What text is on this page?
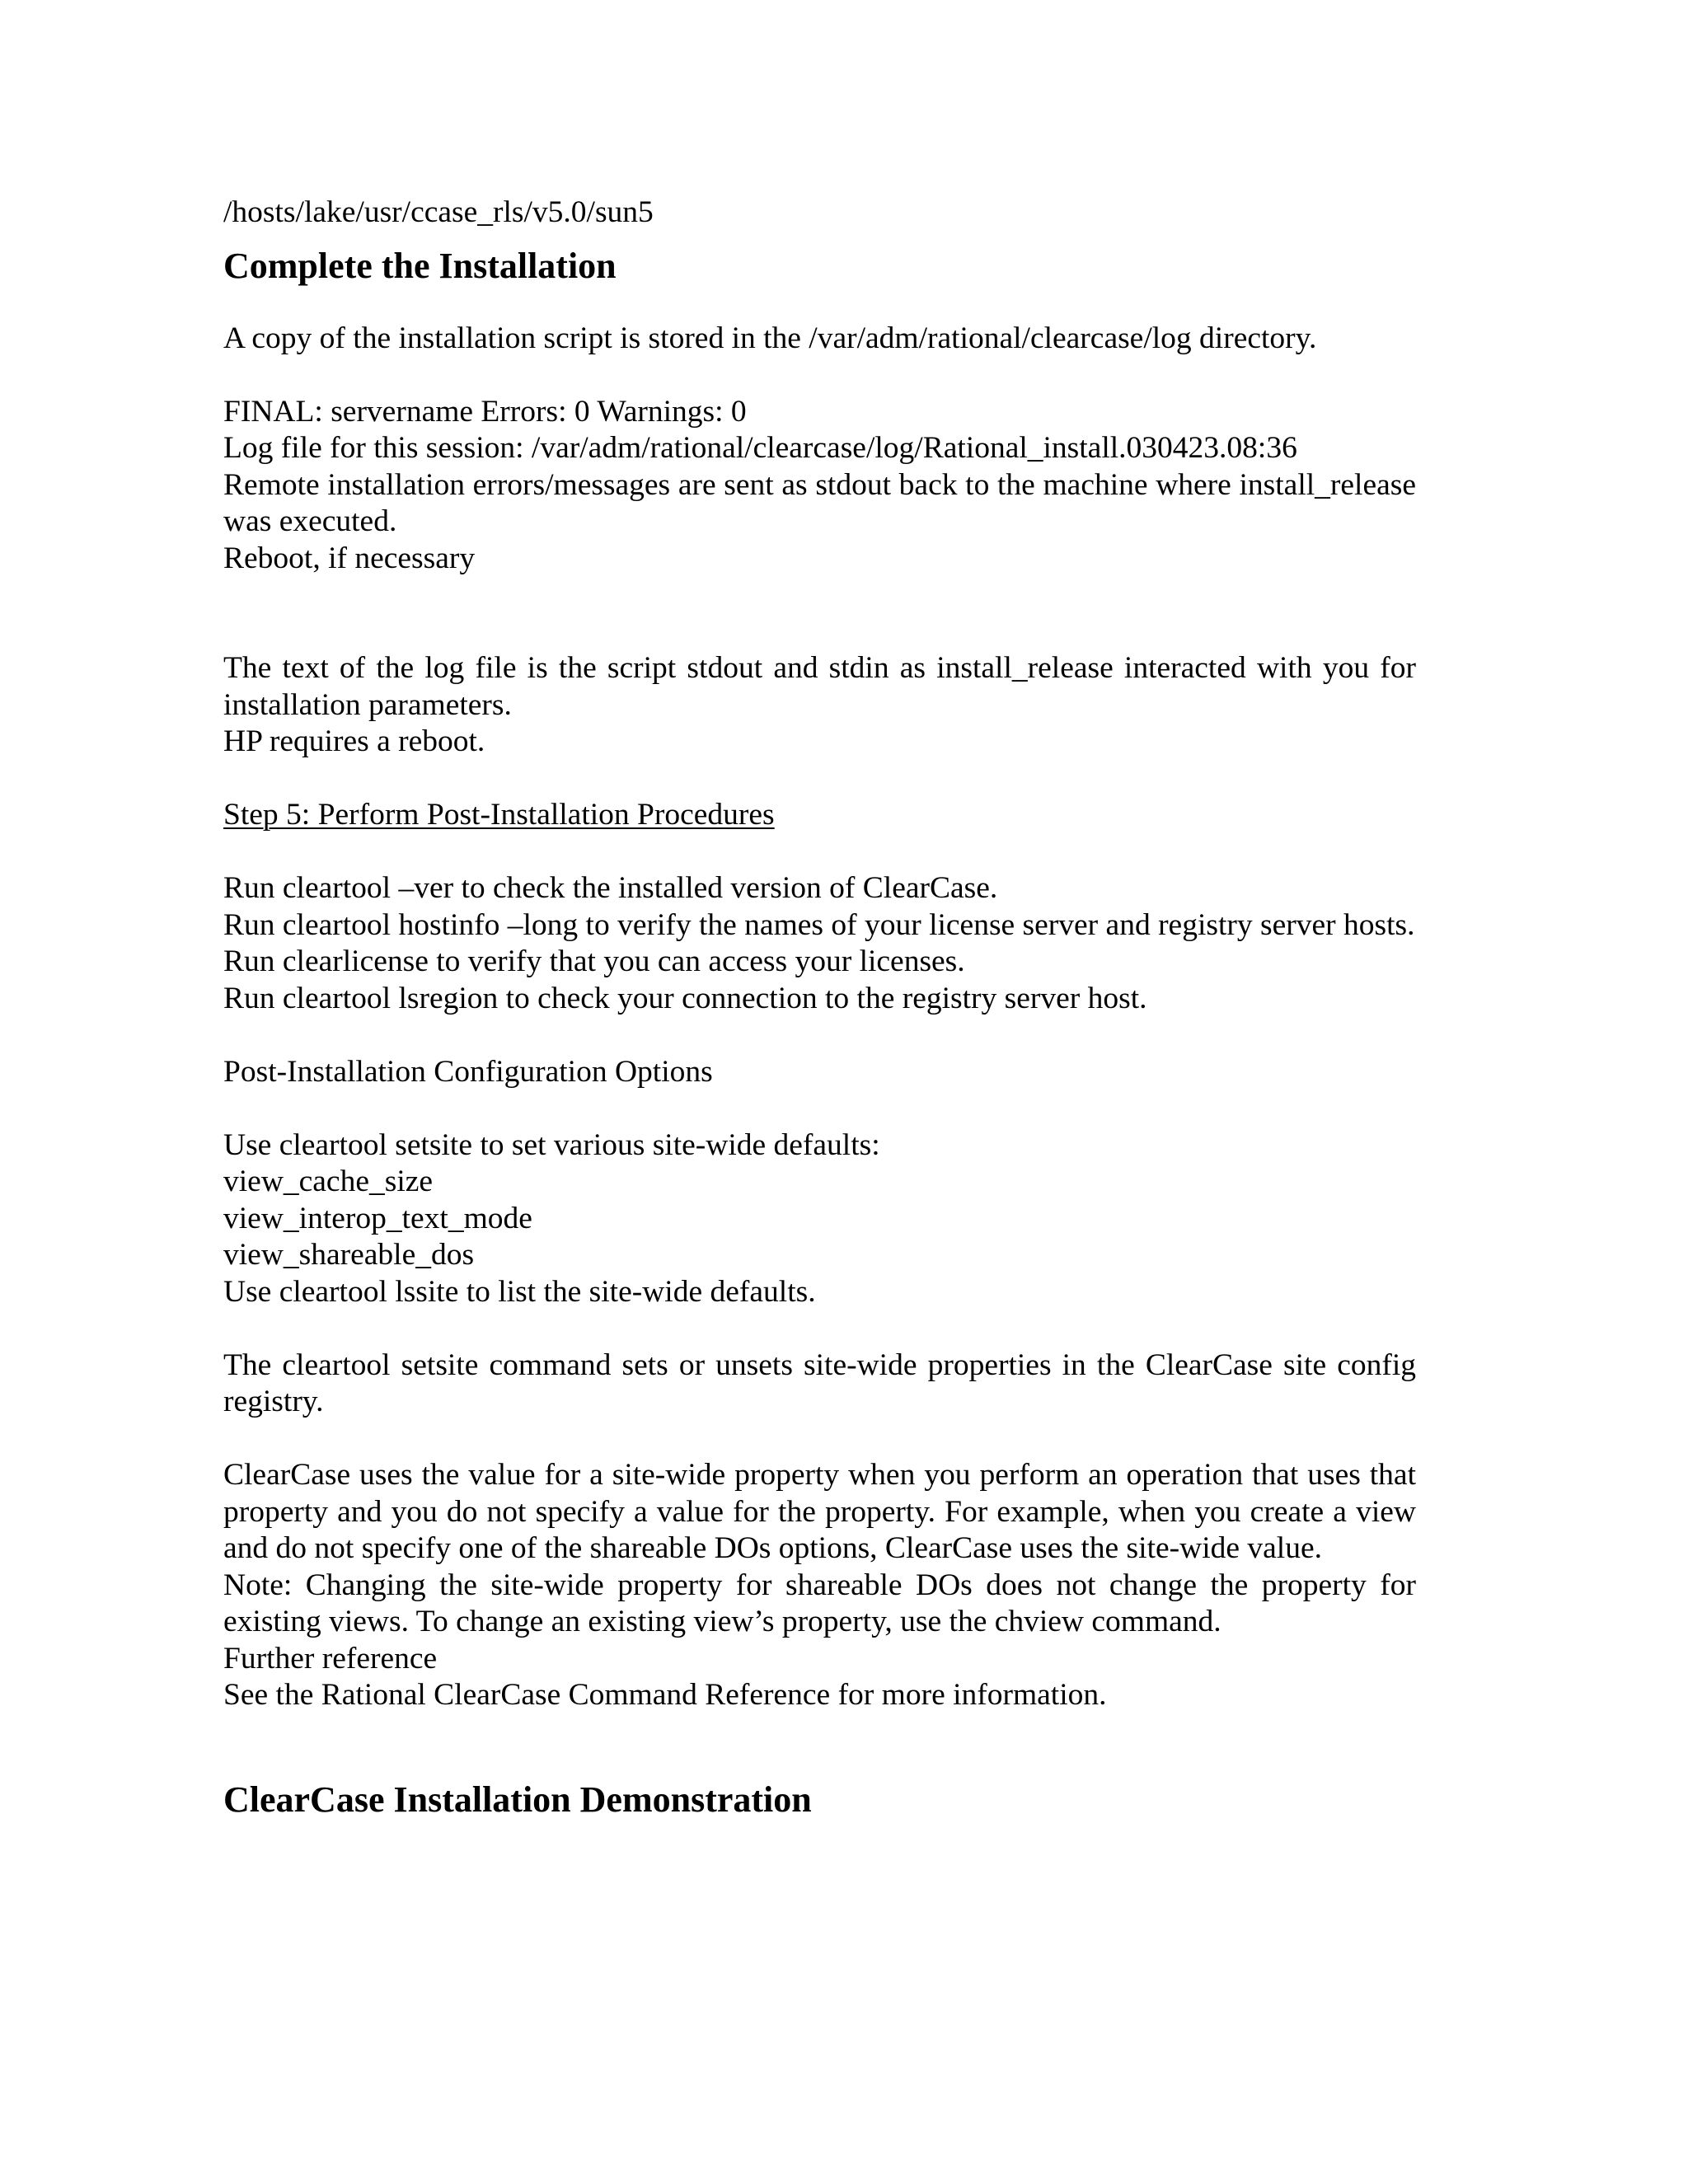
/hosts/lake/usr/ccase_rls/v5.0/sun5

Complete the Installation

A copy of the installation script is stored in the /var/adm/rational/clearcase/log directory.

FINAL: servername Errors: 0 Warnings: 0

Log file for this session: /var/adm/rational/clearcase/log/Rational_install.030423.08:36

Remote installation errors/messages are sent as stdout back to the machine where install_release was executed.

Reboot, if necessary

The text of the log file is the script stdout and stdin as install_release interacted with you for installation parameters.

HP requires a reboot.

Step 5: Perform Post-Installation Procedures

Run cleartool –ver to check the installed version of ClearCase.

Run cleartool hostinfo –long to verify the names of your license server and registry server hosts.

Run clearlicense to verify that you can access your licenses.

Run cleartool lsregion to check your connection to the registry server host.

Post-Installation Configuration Options

Use cleartool setsite to set various site-wide defaults:

view_cache_size

view_interop_text_mode

view_shareable_dos

Use cleartool lssite to list the site-wide defaults.

The cleartool setsite command sets or unsets site-wide properties in the ClearCase site config registry.

ClearCase uses the value for a site-wide property when you perform an operation that uses that property and you do not specify a value for the property. For example, when you create a view and do not specify one of the shareable DOs options, ClearCase uses the site-wide value.

Note: Changing the site-wide property for shareable DOs does not change the property for existing views. To change an existing view’s property, use the chview command.

Further reference

See the Rational ClearCase Command Reference for more information.

ClearCase Installation Demonstration
